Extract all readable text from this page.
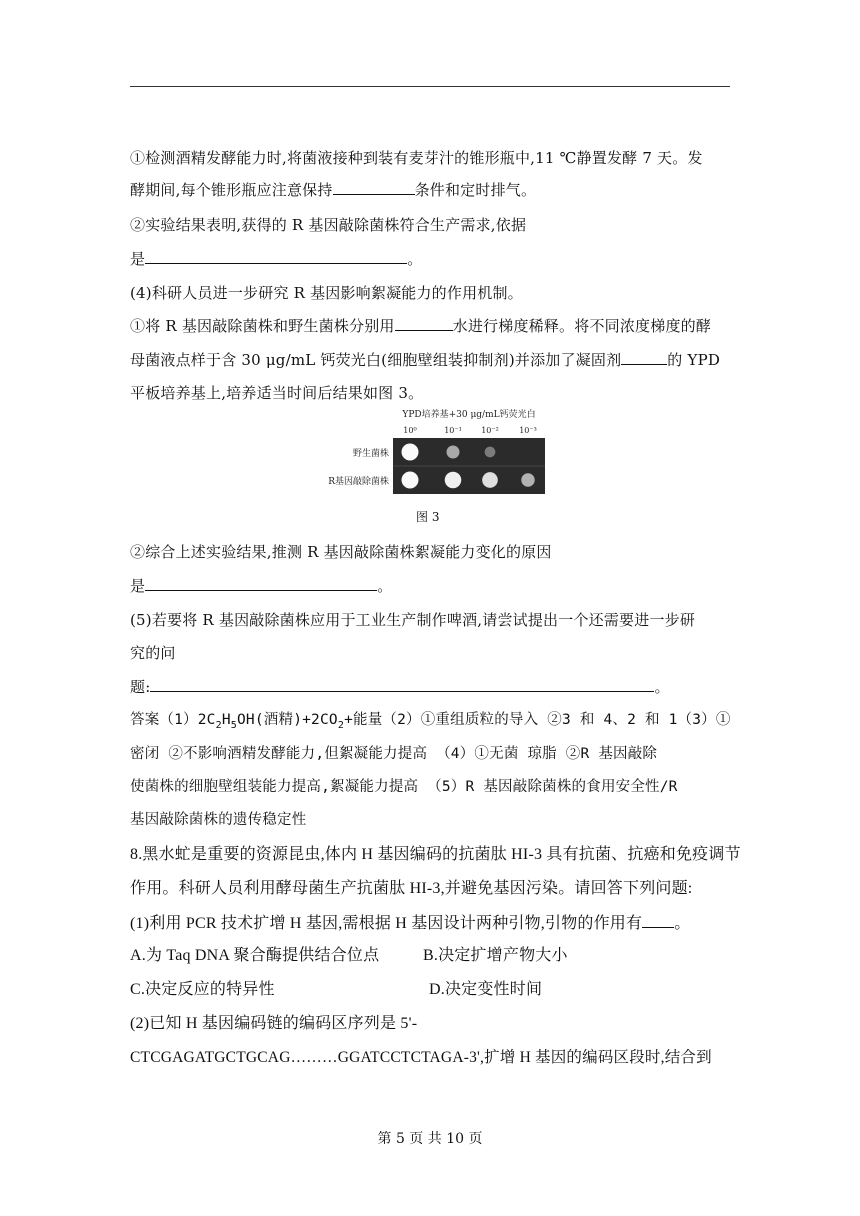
①检测酒精发酵能力时,将菌液接种到装有麦芽汁的锥形瓶中,11 ℃静置发酵 7 天。发
酵期间,每个锥形瓶应注意保持	条件和定时排气。
②实验结果表明,获得的 R 基因敲除菌株符合生产需求,依据
是	。
(4)科研人员进一步研究 R 基因影响絮凝能力的作用机制。
①将 R 基因敲除菌株和野生菌株分别用	水进行梯度稀释。将不同浓度梯度的酵
母菌液点样于含 30 μg/mL 钙荧光白(细胞壁组装抑制剂)并添加了凝固剂	的 YPD
平板培养基上,培养适当时间后结果如图 3。
YPD培养基+30 μg/mL钙荧光白
10⁰	10⁻¹ 10⁻²	10⁻³
野生菌株
R基因敲除菌株
图 3
②综合上述实验结果,推测 R 基因敲除菌株絮凝能力变化的原因
是	。
(5)若要将 R 基因敲除菌株应用于工业生产制作啤酒,请尝试提出一个还需要进一步研
究的问
题:	。
答案$(1)2C_2H_5OH$(酒精)$+2CO_2+$能量（2）①重组质粒的导入 ②3 和 4、2 和 1（3）①
密闭 ②不影响酒精发酵能力,但絮凝能力提高 （4）①无菌 琼脂 ②R 基因敲除
使菌株的细胞壁组装能力提高,絮凝能力提高 （5）R 基因敲除菌株的食用安全性/R
基因敲除菌株的遗传稳定性
8.黑水虻是重要的资源昆虫,体内 H 基因编码的抗菌肽 HI-3 具有抗菌、抗癌和免疫调节
作用。科研人员利用酵母菌生产抗菌肽 HI-3,并避免基因污染。请回答下列问题:
(1)利用 PCR 技术扩增 H 基因,需根据 H 基因设计两种引物,引物的作用有 。
A.为 Taq DNA 聚合酶提供结合位点	B.决定扩增产物大小
C.决定反应的特异性	D.决定变性时间
(2)已知 H 基因编码链的编码区序列是 5'-
CTCGAGATGCTGCAG………GGATCCTCTAGA-3',扩增 H 基因的编码区段时,结合到
第 5 页 共 10 页
